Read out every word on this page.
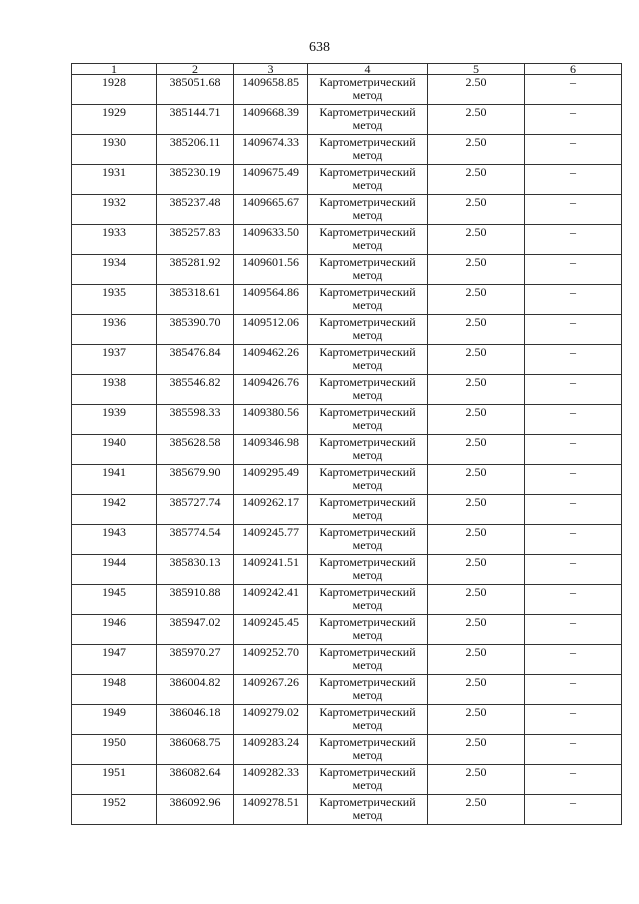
638
1	2	3	4	5	6
1928	385051.68	1409658.85	Картометрический
метод	2.50	–
1929	385144.71	1409668.39	Картометрический
метод	2.50	–
1930	385206.11	1409674.33	Картометрический
метод	2.50	–
1931	385230.19	1409675.49	Картометрический
метод	2.50	–
1932	385237.48	1409665.67	Картометрический
метод	2.50	–
1933	385257.83	1409633.50	Картометрический
метод	2.50	–
1934	385281.92	1409601.56	Картометрический
метод	2.50	–
1935	385318.61	1409564.86	Картометрический
метод	2.50	–
1936	385390.70	1409512.06	Картометрический
метод	2.50	–
1937	385476.84	1409462.26	Картометрический
метод	2.50	–
1938	385546.82	1409426.76	Картометрический
метод	2.50	–
1939	385598.33	1409380.56	Картометрический
метод	2.50	–
1940	385628.58	1409346.98	Картометрический
метод	2.50	–
1941	385679.90	1409295.49	Картометрический
метод	2.50	–
1942	385727.74	1409262.17	Картометрический
метод	2.50	–
1943	385774.54	1409245.77	Картометрический
метод	2.50	–
1944	385830.13	1409241.51	Картометрический
метод	2.50	–
1945	385910.88	1409242.41	Картометрический
метод	2.50	–
1946	385947.02	1409245.45	Картометрический
метод	2.50	–
1947	385970.27	1409252.70	Картометрический
метод	2.50	–
1948	386004.82	1409267.26	Картометрический
метод	2.50	–
1949	386046.18	1409279.02	Картометрический
метод	2.50	–
1950	386068.75	1409283.24	Картометрический
метод	2.50	–
1951	386082.64	1409282.33	Картометрический
метод	2.50	–
1952	386092.96	1409278.51	Картометрический
метод	2.50	–
